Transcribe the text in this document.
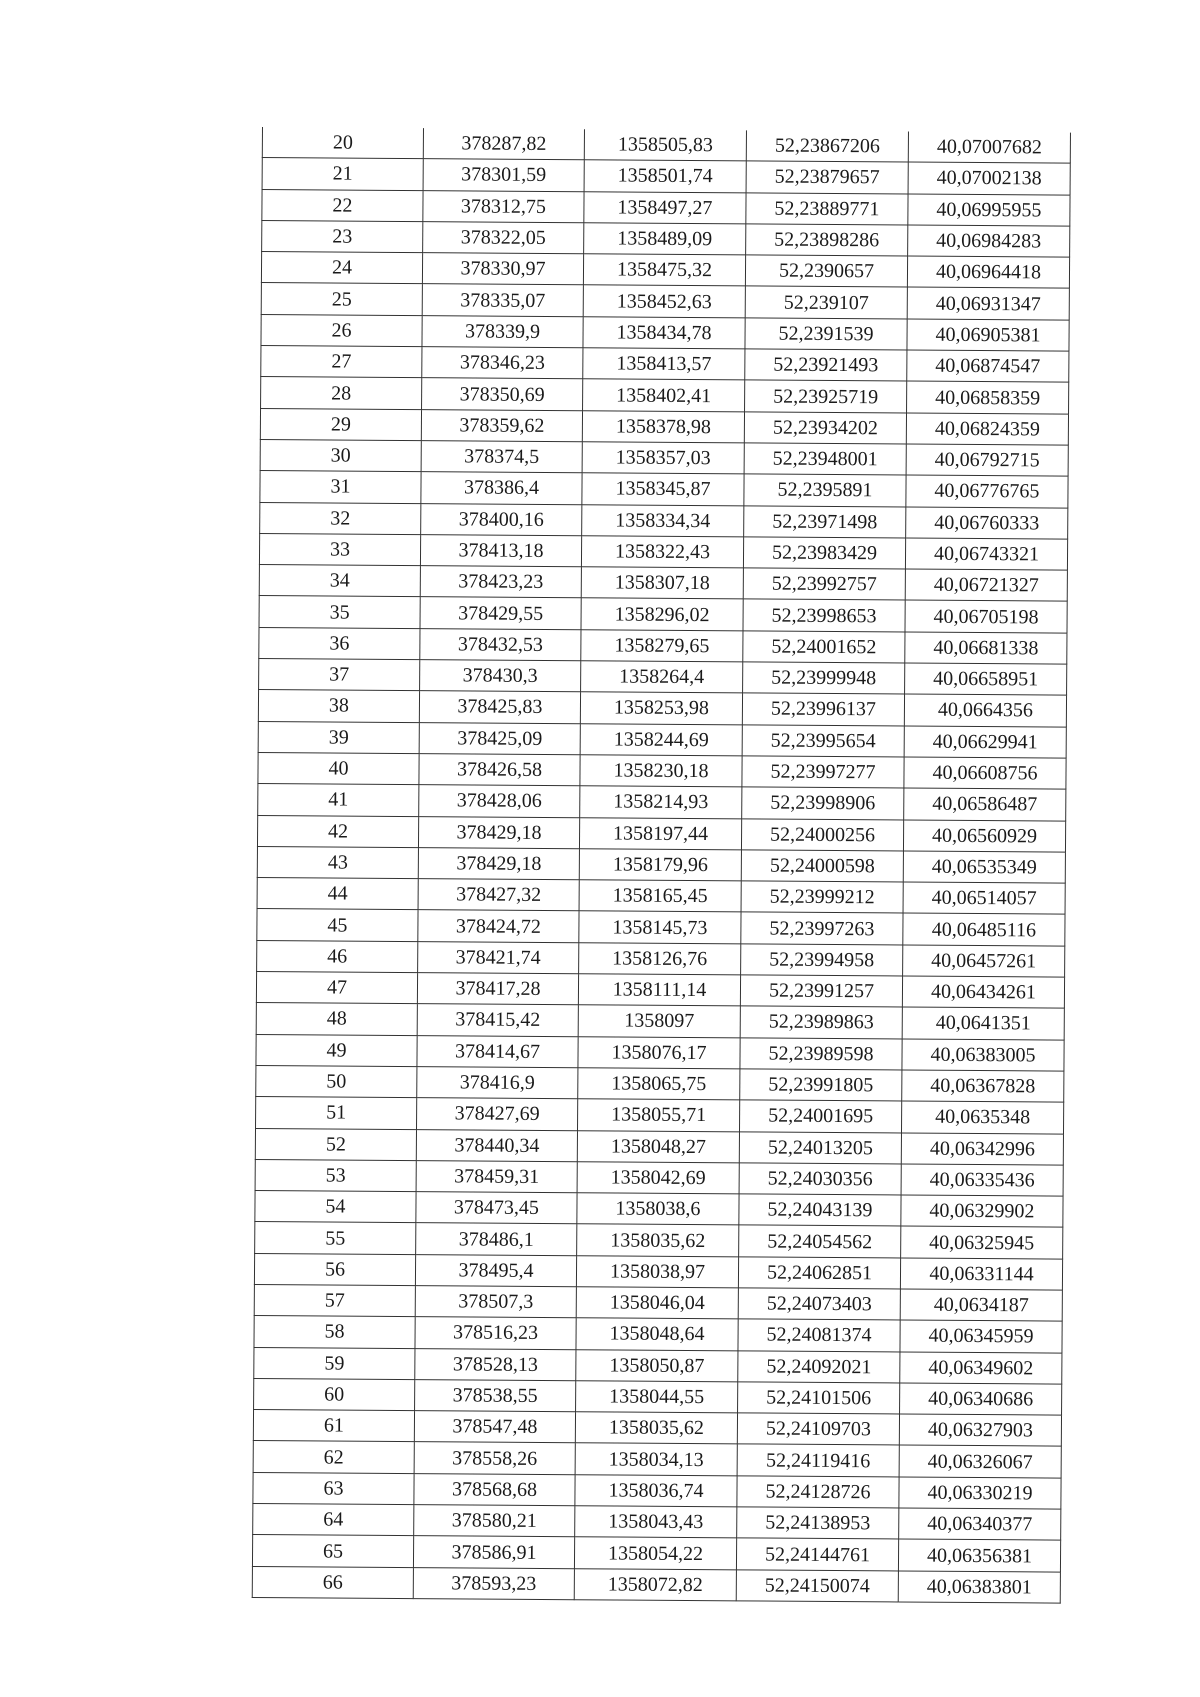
20	378287,82	1358505,83	52,23867206	40,07007682
21	378301,59	1358501,74	52,23879657	40,07002138
22	378312,75	1358497,27	52,23889771	40,06995955
23	378322,05	1358489,09	52,23898286	40,06984283
24	378330,97	1358475,32	52,2390657	40,06964418
25	378335,07	1358452,63	52,239107	40,06931347
26	378339,9	1358434,78	52,2391539	40,06905381
27	378346,23	1358413,57	52,23921493	40,06874547
28	378350,69	1358402,41	52,23925719	40,06858359
29	378359,62	1358378,98	52,23934202	40,06824359
30	378374,5	1358357,03	52,23948001	40,06792715
31	378386,4	1358345,87	52,2395891	40,06776765
32	378400,16	1358334,34	52,23971498	40,06760333
33	378413,18	1358322,43	52,23983429	40,06743321
34	378423,23	1358307,18	52,23992757	40,06721327
35	378429,55	1358296,02	52,23998653	40,06705198
36	378432,53	1358279,65	52,24001652	40,06681338
37	378430,3	1358264,4	52,23999948	40,06658951
38	378425,83	1358253,98	52,23996137	40,0664356
39	378425,09	1358244,69	52,23995654	40,06629941
40	378426,58	1358230,18	52,23997277	40,06608756
41	378428,06	1358214,93	52,23998906	40,06586487
42	378429,18	1358197,44	52,24000256	40,06560929
43	378429,18	1358179,96	52,24000598	40,06535349
44	378427,32	1358165,45	52,23999212	40,06514057
45	378424,72	1358145,73	52,23997263	40,06485116
46	378421,74	1358126,76	52,23994958	40,06457261
47	378417,28	1358111,14	52,23991257	40,06434261
48	378415,42	1358097	52,23989863	40,0641351
49	378414,67	1358076,17	52,23989598	40,06383005
50	378416,9	1358065,75	52,23991805	40,06367828
51	378427,69	1358055,71	52,24001695	40,0635348
52	378440,34	1358048,27	52,24013205	40,06342996
53	378459,31	1358042,69	52,24030356	40,06335436
54	378473,45	1358038,6	52,24043139	40,06329902
55	378486,1	1358035,62	52,24054562	40,06325945
56	378495,4	1358038,97	52,24062851	40,06331144
57	378507,3	1358046,04	52,24073403	40,0634187
58	378516,23	1358048,64	52,24081374	40,06345959
59	378528,13	1358050,87	52,24092021	40,06349602
60	378538,55	1358044,55	52,24101506	40,06340686
61	378547,48	1358035,62	52,24109703	40,06327903
62	378558,26	1358034,13	52,24119416	40,06326067
63	378568,68	1358036,74	52,24128726	40,06330219
64	378580,21	1358043,43	52,24138953	40,06340377
65	378586,91	1358054,22	52,24144761	40,06356381
66	378593,23	1358072,82	52,24150074	40,06383801
